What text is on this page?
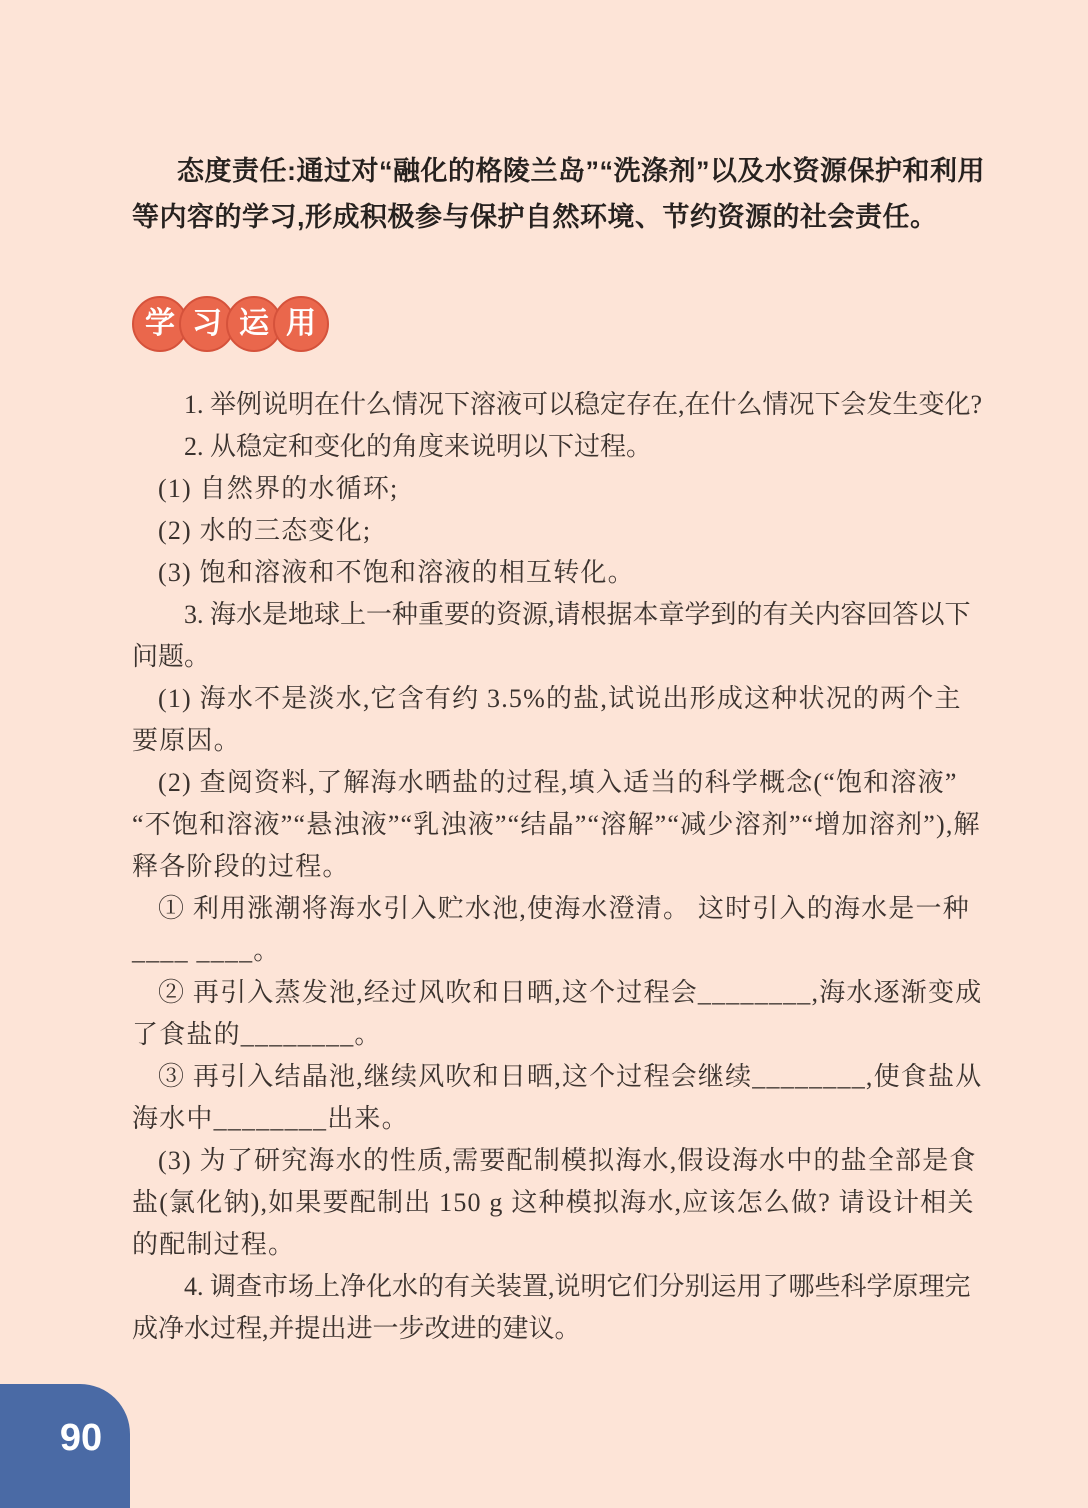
态度责任:通过对“融化的格陵兰岛”“洗涤剂”以及水资源保护和利用等内容的学习,形成积极参与保护自然环境、节约资源的社会责任。

学 习 运 用

1. 举例说明在什么情况下溶液可以稳定存在,在什么情况下会发生变化?

2. 从稳定和变化的角度来说明以下过程。

(1) 自然界的水循环;

(2) 水的三态变化;

(3) 饱和溶液和不饱和溶液的相互转化。

3. 海水是地球上一种重要的资源,请根据本章学到的有关内容回答以下问题。

(1) 海水不是淡水,它含有约 3.5%的盐,试说出形成这种状况的两个主要原因。

(2) 查阅资料,了解海水晒盐的过程,填入适当的科学概念(“饱和溶液”“不饱和溶液”“悬浊液”“乳浊液”“结晶”“溶解”“减少溶剂”“增加溶剂”),解释各阶段的过程。

① 利用涨潮将海水引入贮水池,使海水澄清。 这时引入的海水是一种____ ____。

② 再引入蒸发池,经过风吹和日晒,这个过程会________,海水逐渐变成了食盐的________。

③ 再引入结晶池,继续风吹和日晒,这个过程会继续________,使食盐从海水中________出来。

(3) 为了研究海水的性质,需要配制模拟海水,假设海水中的盐全部是食盐(氯化钠),如果要配制出 150 g 这种模拟海水,应该怎么做? 请设计相关的配制过程。

4. 调查市场上净化水的有关装置,说明它们分别运用了哪些科学原理完成净水过程,并提出进一步改进的建议。

90
